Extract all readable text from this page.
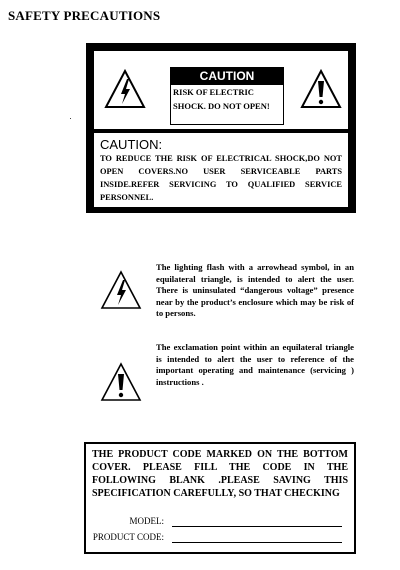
SAFETY PRECAUTIONS
CAUTION
RISK OF ELECTRIC
SHOCK. DO NOT OPEN!
CAUTION:
TO REDUCE THE RISK OF ELECTRICAL SHOCK,DO NOT OPEN COVERS.NO USER SERVICEABLE PARTS INSIDE.REFER SERVICING TO QUALIFIED SERVICE PERSONNEL.
The lighting flash with a arrowhead symbol, in an equilateral triangle, is intended to alert the user. There is uninsulated “dangerous voltage” presence near by the product’s enclosure which may be risk of to persons.
The exclamation point within an equilateral triangle is intended to alert the user to reference of the important operating and maintenance (servicing ) instructions .
THE PRODUCT CODE MARKED ON THE BOTTOM COVER. PLEASE FILL THE CODE IN THE FOLLOWING BLANK .PLEASE SAVING THIS SPECIFICATION CAREFULLY, SO THAT CHECKING
MODEL:
PRODUCT CODE:
